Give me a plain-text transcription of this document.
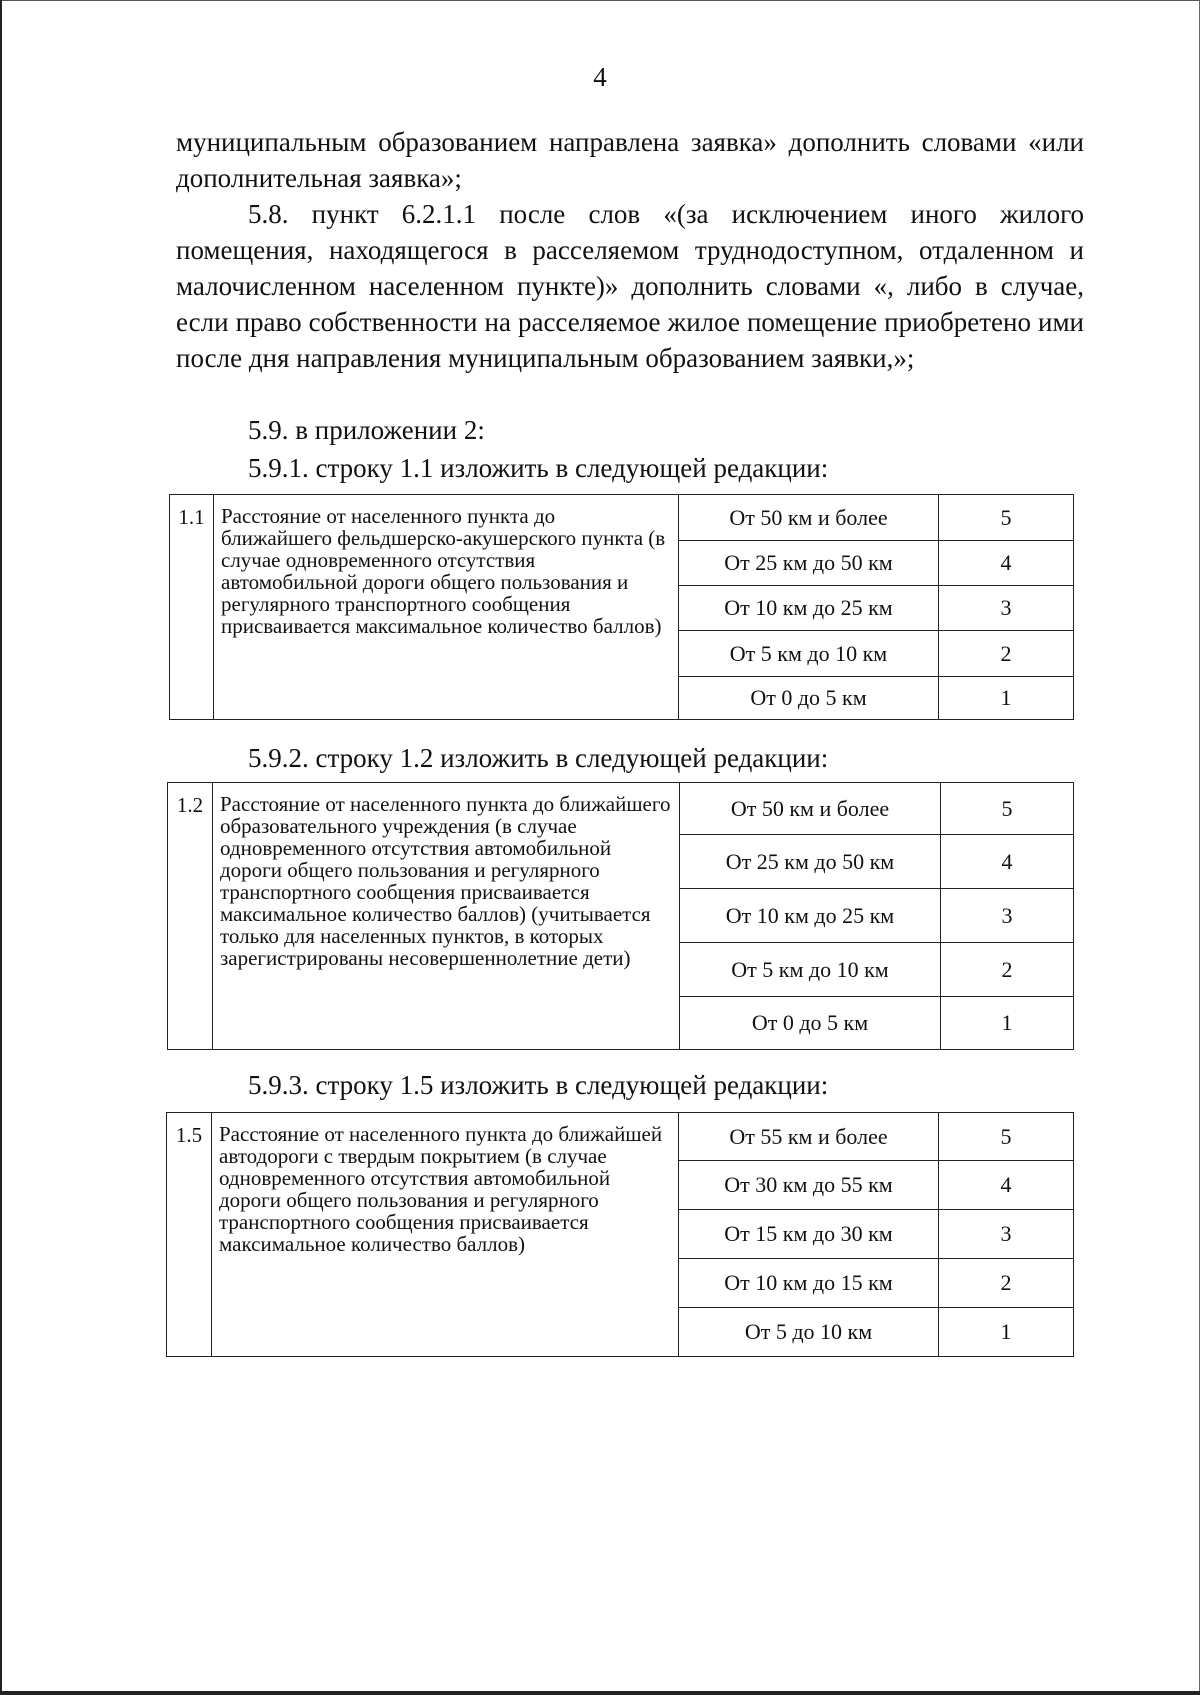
4

муниципальным образованием направлена заявка» дополнить словами «или дополнительная заявка»;

5.8. пункт 6.2.1.1 после слов «(за исключением иного жилого помещения, находящегося в расселяемом труднодоступном, отдаленном и малочисленном населенном пункте)» дополнить словами «, либо в случае, если право собственности на расселяемое жилое помещение приобретено ими после дня направления муниципальным образованием заявки,»;

5.9. в приложении 2:

5.9.1. строку 1.1 изложить в следующей редакции:

1.1	Расстояние от населенного пункта до ближайшего фельдшерско-акушерского пункта (в случае одновременного отсутствия автомобильной дороги общего пользования и регулярного транспортного сообщения присваивается максимальное количество баллов)	От 50 км и более	5
		От 25 км до 50 км	4
		От 10 км до 25 км	3
		От 5 км до 10 км	2
		От 0 до 5 км	1

5.9.2. строку 1.2 изложить в следующей редакции:

1.2	Расстояние от населенного пункта до ближайшего образовательного учреждения (в случае одновременного отсутствия автомобильной дороги общего пользования и регулярного транспортного сообщения присваивается максимальное количество баллов) (учитывается только для населенных пунктов, в которых зарегистрированы несовершеннолетние дети)	От 50 км и более	5
		От 25 км до 50 км	4
		От 10 км до 25 км	3
		От 5 км до 10 км	2
		От 0 до 5 км	1

5.9.3. строку 1.5 изложить в следующей редакции:

1.5	Расстояние от населенного пункта до ближайшей автодороги с твердым покрытием (в случае одновременного отсутствия автомобильной дороги общего пользования и регулярного транспортного сообщения присваивается максимальное количество баллов)	От 55 км и более	5
		От 30 км до 55 км	4
		От 15 км до 30 км	3
		От 10 км до 15 км	2
		От 5 до 10 км	1
